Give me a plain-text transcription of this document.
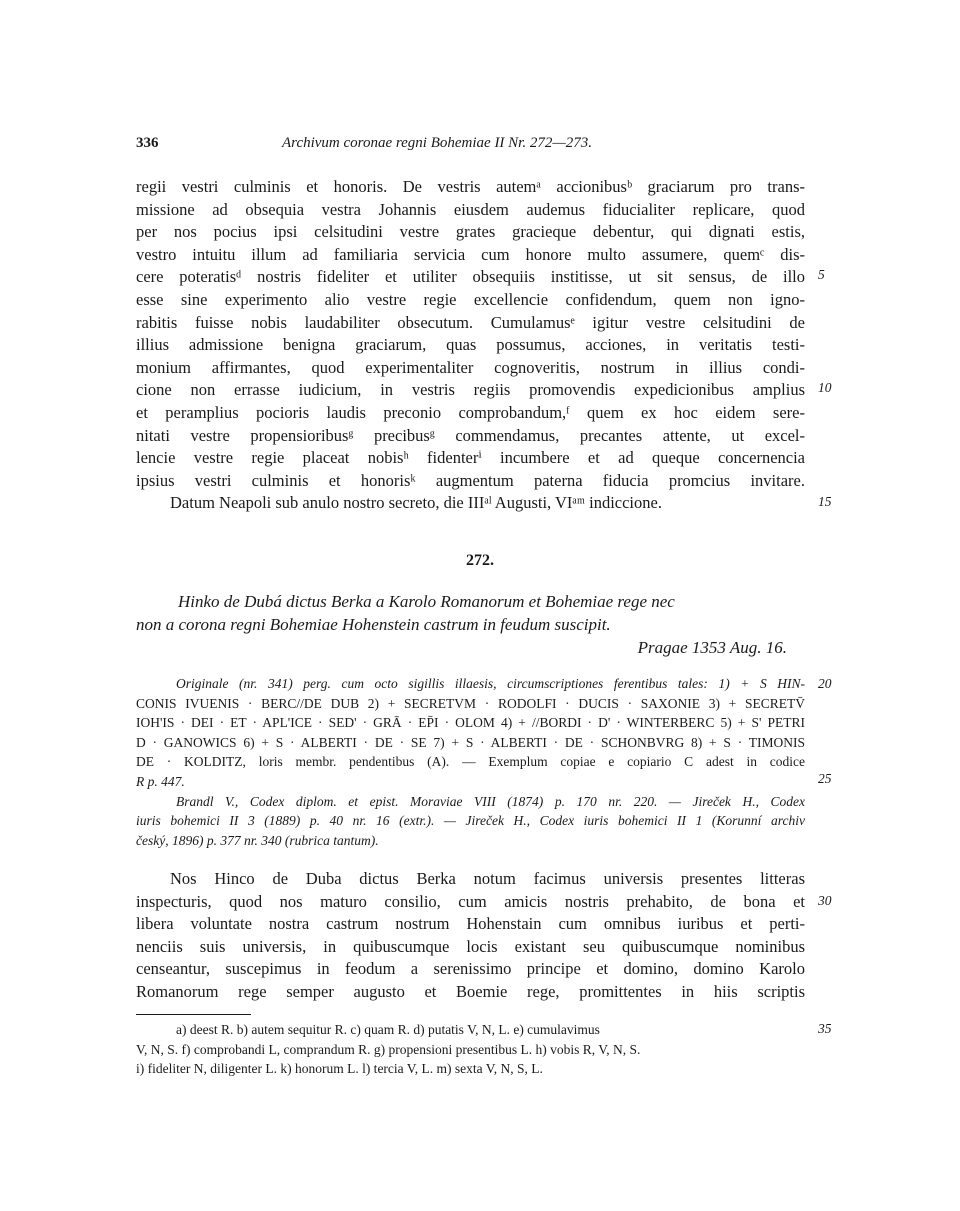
336	Archivum coronae regni Bohemiae II Nr. 272—273.
regii vestri culminis et honoris. De vestris autemᵃ accionibusᵇ graciarum pro trans-
missione ad obsequia vestra Johannis eiusdem audemus fiducialiter replicare, quod
per nos pocius ipsi celsitudini vestre grates gracieque debentur, qui dignati estis,
vestro intuitu illum ad familiaria servicia cum honore multo assumere, quemᶜ dis-
cere poteratisᵈ nostris fideliter et utiliter obsequiis institisse, ut sit sensus, de illo
esse sine experimento alio vestre regie excellencie confidendum, quem non igno-
rabitis fuisse nobis laudabiliter obsecutum. Cumulamusᵉ igitur vestre celsitudini de
illius admissione benigna graciarum, quas possumus, acciones, in veritatis testi-
monium affirmantes, quod experimentaliter cognoveritis, nostrum in illius condi-
cione non errasse iudicium, in vestris regiis promovendis expedicionibus amplius
et peramplius pocioris laudis preconio comprobandum,ᶠ quem ex hoc eidem sere-
nitati vestre propensioribusᵍ precibusᵍ commendamus, precantes attente, ut excel-
lencie vestre regie placeat nobisʰ fidenterⁱ incumbere et ad queque concernencia
ipsius vestri culminis et honorisᵏ augmentum paterna fiducia promcius invitare.
Datum Neapoli sub anulo nostro secreto, die IIIᵃˡ Augusti, VIᵃᵐ indiccione.
5
10
15
272.
Hinko de Dubá dictus Berka a Karolo Romanorum et Bohemiae rege nec
non a corona regni Bohemiae Hohenstein castrum in feudum suscipit.
Pragae 1353 Aug. 16.
Originale (nr. 341) perg. cum octo sigillis illaesis, circumscriptiones ferentibus tales: 1) + S HIN-
CONIS IVUENIS · BERC//DE DUB 2) + SECRETVM · RODOLFI · DUCIS · SAXONIE 3) + SECRETV̄
IOH'IS · DEI · ET · APL'ICE · SED' · GRĀ · EP̄I · OLOM 4) + //BORDI · D' · WINTERBERC 5) + S' PETRI
D · GANOWICS 6) + S · ALBERTI · DE · SE 7) + S · ALBERTI · DE · SCHONBVRG 8) + S · TIMONIS
DE · KOLDITZ, loris membr. pendentibus (A). — Exemplum copiae e copiario C adest in codice
R p. 447.
Brandl V., Codex diplom. et epist. Moraviae VIII (1874) p. 170 nr. 220. — Jireček H., Codex
iuris bohemici II 3 (1889) p. 40 nr. 16 (extr.). — Jireček H., Codex iuris bohemici II 1 (Korunní archiv
český, 1896) p. 377 nr. 340 (rubrica tantum).
20
25
Nos Hinco de Duba dictus Berka notum facimus universis presentes litteras
inspecturis, quod nos maturo consilio, cum amicis nostris prehabito, de bona et
libera voluntate nostra castrum nostrum Hohenstain cum omnibus iuribus et perti-
nenciis suis universis, in quibuscumque locis existant seu quibuscumque nominibus
censeantur, suscepimus in feodum a serenissimo principe et domino, domino Karolo
Romanorum rege semper augusto et Boemie rege, promittentes in hiis scriptis
30
a) deest R. b) autem sequitur R. c) quam R. d) putatis V, N, L. e) cumulavimus
V, N, S. f) comprobandi L, comprandum R. g) propensioni presentibus L. h) vobis R, V, N, S.
i) fideliter N, diligenter L. k) honorum L. l) tercia V, L. m) sexta V, N, S, L.
35
